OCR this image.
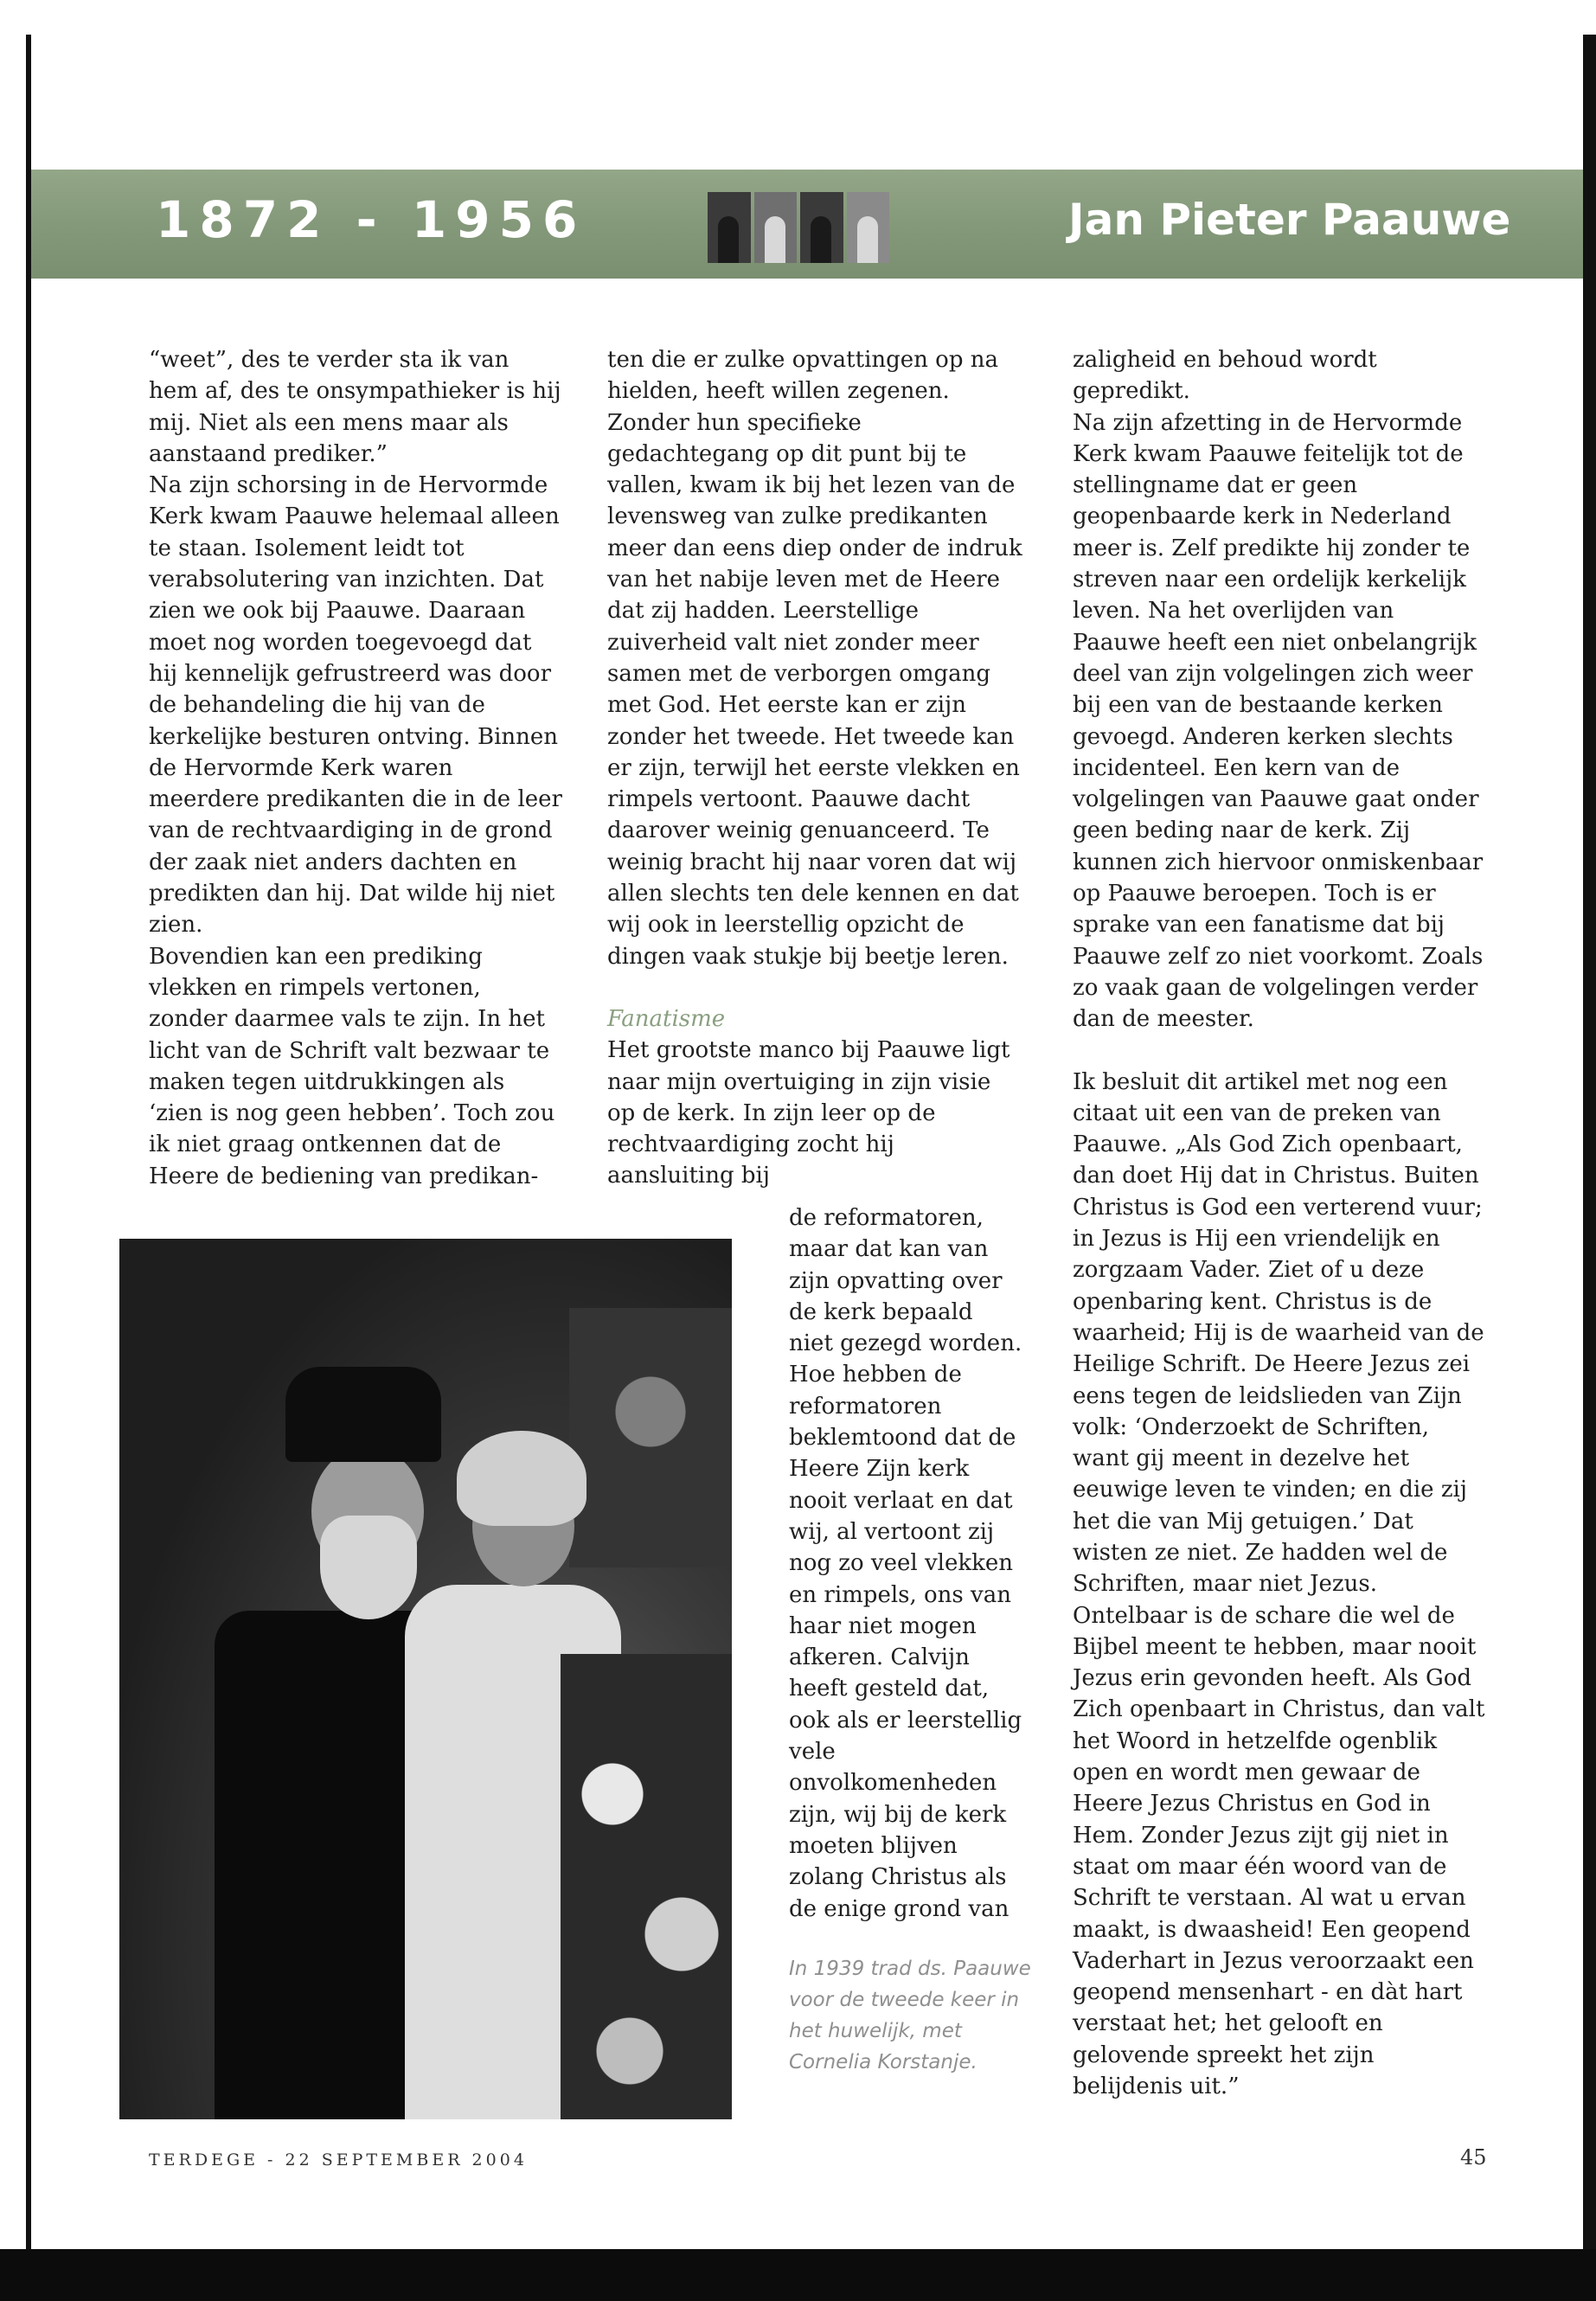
1872 - 1956	Jan Pieter Paauwe

“weet”, des te verder sta ik van hem af, des te onsympathieker is hij mij. Niet als een mens maar als aanstaand prediker.”

Na zijn schorsing in de Hervormde Kerk kwam Paauwe helemaal alleen te staan. Isolement leidt tot verabsolutering van inzichten. Dat zien we ook bij Paauwe. Daaraan moet nog worden toegevoegd dat hij kennelijk gefrustreerd was door de behandeling die hij van de kerkelijke besturen ontving. Binnen de Hervormde Kerk waren meerdere predikanten die in de leer van de rechtvaardiging in de grond der zaak niet anders dachten en predikten dan hij. Dat wilde hij niet zien.

Bovendien kan een prediking vlekken en rimpels vertonen, zonder daarmee vals te zijn. In het licht van de Schrift valt bezwaar te maken tegen uitdrukkingen als ‘zien is nog geen hebben’. Toch zou ik niet graag ontkennen dat de Heere de bediening van predikan-

ten die er zulke opvattingen op na hielden, heeft willen zegenen. Zonder hun specifieke gedachtegang op dit punt bij te vallen, kwam ik bij het lezen van de levensweg van zulke predikanten meer dan eens diep onder de indruk van het nabije leven met de Heere dat zij hadden. Leerstellige zuiverheid valt niet zonder meer samen met de verborgen omgang met God. Het eerste kan er zijn zonder het tweede. Het tweede kan er zijn, terwijl het eerste vlekken en rimpels vertoont. Paauwe dacht daarover weinig genuanceerd. Te weinig bracht hij naar voren dat wij allen slechts ten dele kennen en dat wij ook in leerstellig opzicht de dingen vaak stukje bij beetje leren.

Fanatisme

Het grootste manco bij Paauwe ligt naar mijn overtuiging in zijn visie op de kerk. In zijn leer op de rechtvaardiging zocht hij aansluiting bij

de reformatoren, maar dat kan van zijn opvatting over de kerk bepaald niet gezegd worden. Hoe hebben de reformatoren beklemtoond dat de Heere Zijn kerk nooit verlaat en dat wij, al vertoont zij nog zo veel vlekken en rimpels, ons van haar niet mogen afkeren. Calvijn heeft gesteld dat, ook als er leerstellig vele onvolkomenheden zijn, wij bij de kerk moeten blijven zolang Christus als de enige grond van

zaligheid en behoud wordt gepredikt.

Na zijn afzetting in de Hervormde Kerk kwam Paauwe feitelijk tot de stellingname dat er geen geopenbaarde kerk in Nederland meer is. Zelf predikte hij zonder te streven naar een ordelijk kerkelijk leven. Na het overlijden van Paauwe heeft een niet onbelangrijk deel van zijn volgelingen zich weer bij een van de bestaande kerken gevoegd. Anderen kerken slechts incidenteel. Een kern van de volgelingen van Paauwe gaat onder geen beding naar de kerk. Zij kunnen zich hiervoor onmiskenbaar op Paauwe beroepen. Toch is er sprake van een fanatisme dat bij Paauwe zelf zo niet voorkomt. Zoals zo vaak gaan de volgelingen verder dan de meester.

Ik besluit dit artikel met nog een citaat uit een van de preken van Paauwe. „Als God Zich openbaart, dan doet Hij dat in Christus. Buiten Christus is God een verterend vuur; in Jezus is Hij een vriendelijk en zorgzaam Vader. Ziet of u deze openbaring kent. Christus is de waarheid; Hij is de waarheid van de Heilige Schrift. De Heere Jezus zei eens tegen de leidslieden van Zijn volk: ‘Onderzoekt de Schriften, want gij meent in dezelve het eeuwige leven te vinden; en die zij het die van Mij getuigen.’ Dat wisten ze niet. Ze hadden wel de Schriften, maar niet Jezus. Ontelbaar is de schare die wel de Bijbel meent te hebben, maar nooit Jezus erin gevonden heeft. Als God Zich openbaart in Christus, dan valt het Woord in hetzelfde ogenblik open en wordt men gewaar de Heere Jezus Christus en God in Hem. Zonder Jezus zijt gij niet in staat om maar één woord van de Schrift te verstaan. Al wat u ervan maakt, is dwaasheid! Een geopend Vaderhart in Jezus veroorzaakt een geopend mensenhart - en dàt hart verstaat het; het gelooft en gelovende spreekt het zijn belijdenis uit.”

In 1939 trad ds. Paauwe voor de tweede keer in het huwelijk, met Cornelia Korstanje.
TERDEGE - 22 SEPTEMBER 2004	45
